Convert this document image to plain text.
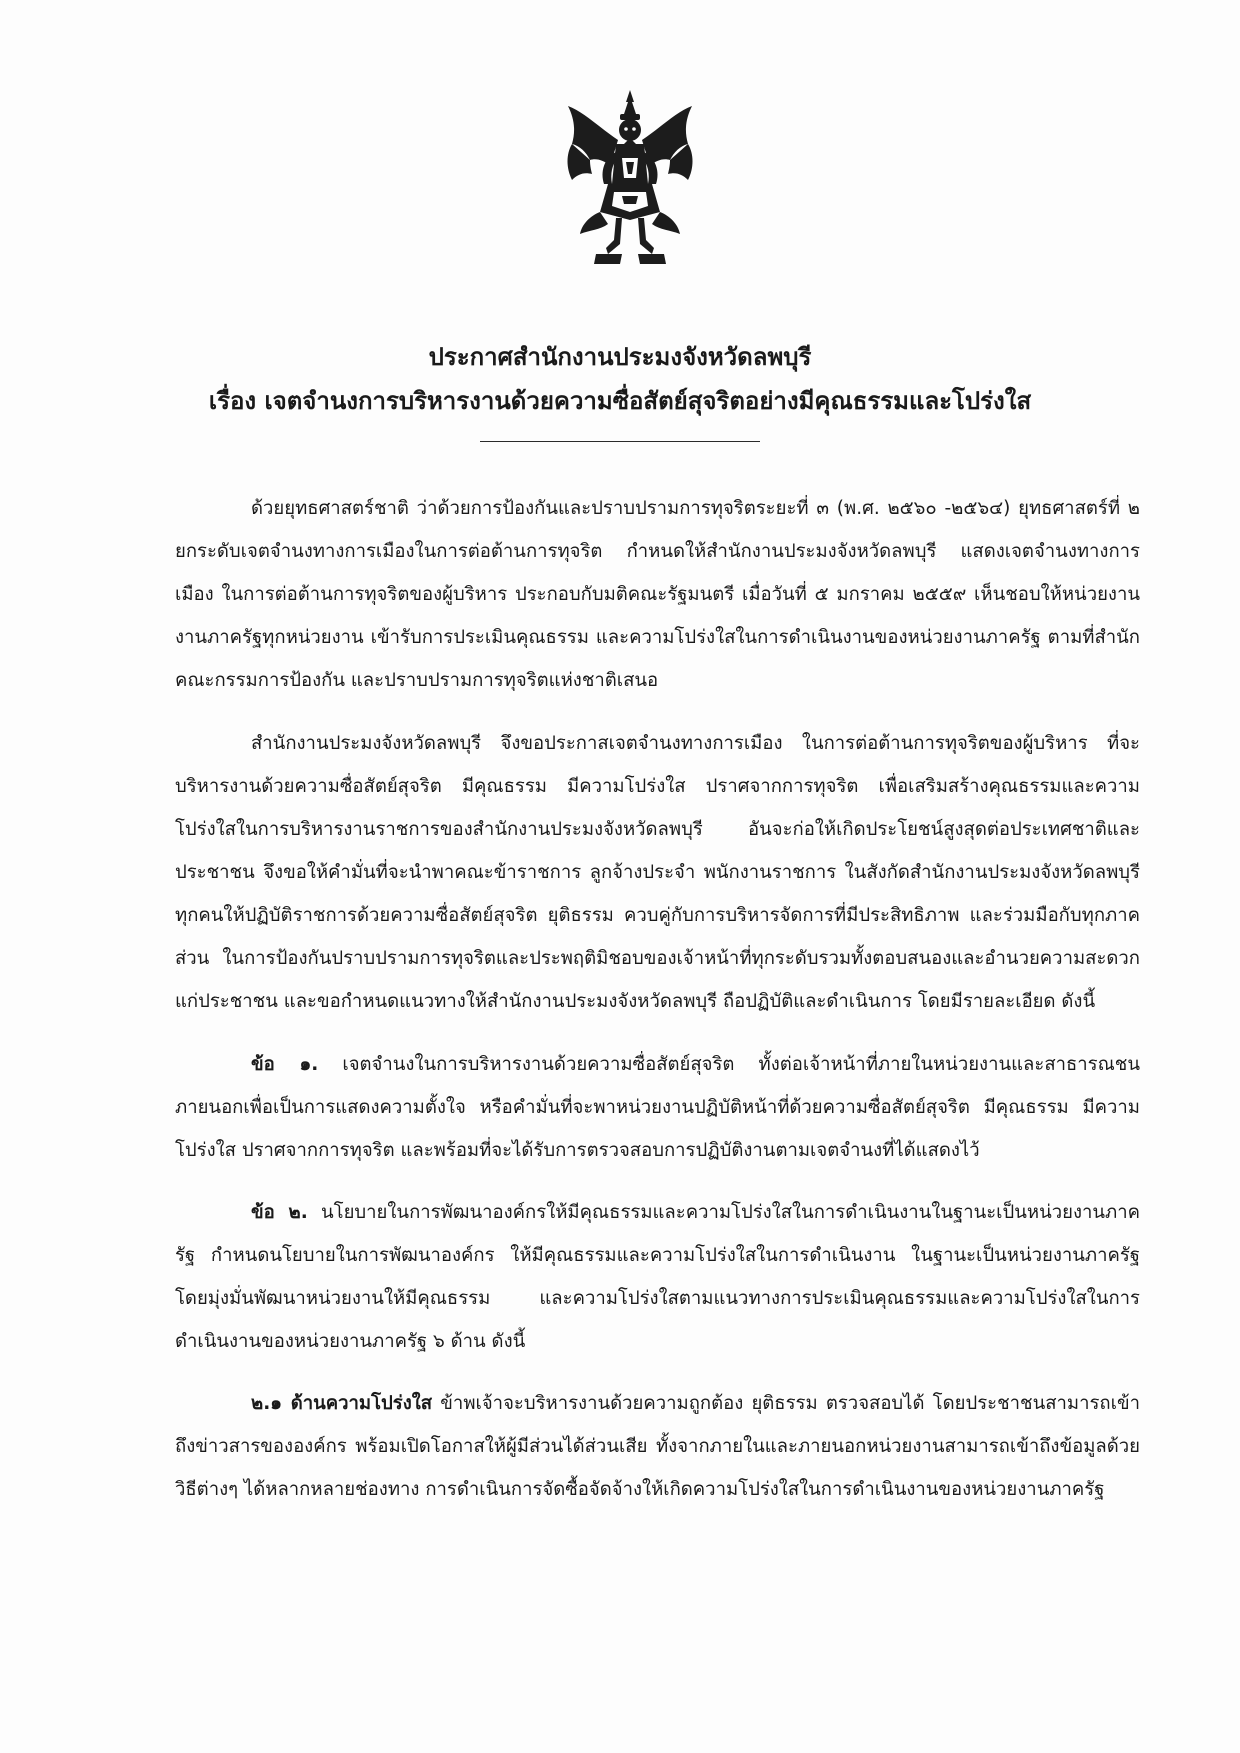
ประกาศสำนักงานประมงจังหวัดลพบุรี
เรื่อง เจตจำนงการบริหารงานด้วยความซื่อสัตย์สุจริตอย่างมีคุณธรรมและโปร่งใส

ด้วยยุทธศาสตร์ชาติ ว่าด้วยการป้องกันและปราบปรามการทุจริตระยะที่ ๓ (พ.ศ. ๒๕๖๐ -๒๕๖๔) ยุทธศาสตร์ที่ ๒ ยกระดับเจตจำนงทางการเมืองในการต่อต้านการทุจริต กำหนดให้สำนักงานประมงจังหวัดลพบุรี แสดงเจตจำนงทางการเมือง ในการต่อต้านการทุจริตของผู้บริหาร ประกอบกับมติคณะรัฐมนตรี เมื่อวันที่ ๕ มกราคม ๒๕๕๙ เห็นชอบให้หน่วยงานงานภาครัฐทุกหน่วยงาน เข้ารับการประเมินคุณธรรม และความโปร่งใสในการดำเนินงานของหน่วยงานภาครัฐ ตามที่สำนักคณะกรรมการป้องกัน และปราบปรามการทุจริตแห่งชาติเสนอ

สำนักงานประมงจังหวัดลพบุรี จึงขอประกาสเจตจำนงทางการเมือง ในการต่อต้านการทุจริตของผู้บริหาร ที่จะบริหารงานด้วยความซื่อสัตย์สุจริต มีคุณธรรม มีความโปร่งใส ปราศจากการทุจริต เพื่อเสริมสร้างคุณธรรมและความโปร่งใสในการบริหารงานราชการของสำนักงานประมงจังหวัดลพบุรี อันจะก่อให้เกิดประโยชน์สูงสุดต่อประเทศชาติและประชาชน จึงขอให้คำมั่นที่จะนำพาคณะข้าราชการ ลูกจ้างประจำ พนักงานราชการ ในสังกัดสำนักงานประมงจังหวัดลพบุรี ทุกคนให้ปฏิบัติราชการด้วยความซื่อสัตย์สุจริต ยุติธรรม ควบคู่กับการบริหารจัดการที่มีประสิทธิภาพ และร่วมมือกับทุกภาคส่วน ในการป้องกันปราบปรามการทุจริตและประพฤติมิชอบของเจ้าหน้าที่ทุกระดับรวมทั้งตอบสนองและอำนวยความสะดวกแก่ประชาชน และขอกำหนดแนวทางให้สำนักงานประมงจังหวัดลพบุรี ถือปฏิบัติและดำเนินการ โดยมีรายละเอียด ดังนี้

ข้อ ๑. เจตจำนงในการบริหารงานด้วยความซื่อสัตย์สุจริต ทั้งต่อเจ้าหน้าที่ภายในหน่วยงานและสาธารณชนภายนอกเพื่อเป็นการแสดงความตั้งใจ หรือคำมั่นที่จะพาหน่วยงานปฏิบัติหน้าที่ด้วยความซื่อสัตย์สุจริต มีคุณธรรม มีความโปร่งใส ปราศจากการทุจริต และพร้อมที่จะได้รับการตรวจสอบการปฏิบัติงานตามเจตจำนงที่ได้แสดงไว้

ข้อ ๒. นโยบายในการพัฒนาองค์กรให้มีคุณธรรมและความโปร่งใสในการดำเนินงานในฐานะเป็นหน่วยงานภาครัฐ กำหนดนโยบายในการพัฒนาองค์กร ให้มีคุณธรรมและความโปร่งใสในการดำเนินงาน ในฐานะเป็นหน่วยงานภาครัฐ โดยมุ่งมั่นพัฒนาหน่วยงานให้มีคุณธรรม และความโปร่งใสตามแนวทางการประเมินคุณธรรมและความโปร่งใสในการดำเนินงานของหน่วยงานภาครัฐ ๖ ด้าน ดังนี้

๒.๑ ด้านความโปร่งใส ข้าพเจ้าจะบริหารงานด้วยความถูกต้อง ยุติธรรม ตรวจสอบได้ โดยประชาชนสามารถเข้าถึงข่าวสารขององค์กร พร้อมเปิดโอกาสให้ผู้มีส่วนได้ส่วนเสีย ทั้งจากภายในและภายนอกหน่วยงานสามารถเข้าถึงข้อมูลด้วยวิธีต่างๆ ได้หลากหลายช่องทาง การดำเนินการจัดซื้อจัดจ้างให้เกิดความโปร่งใสในการดำเนินงานของหน่วยงานภาครัฐ
